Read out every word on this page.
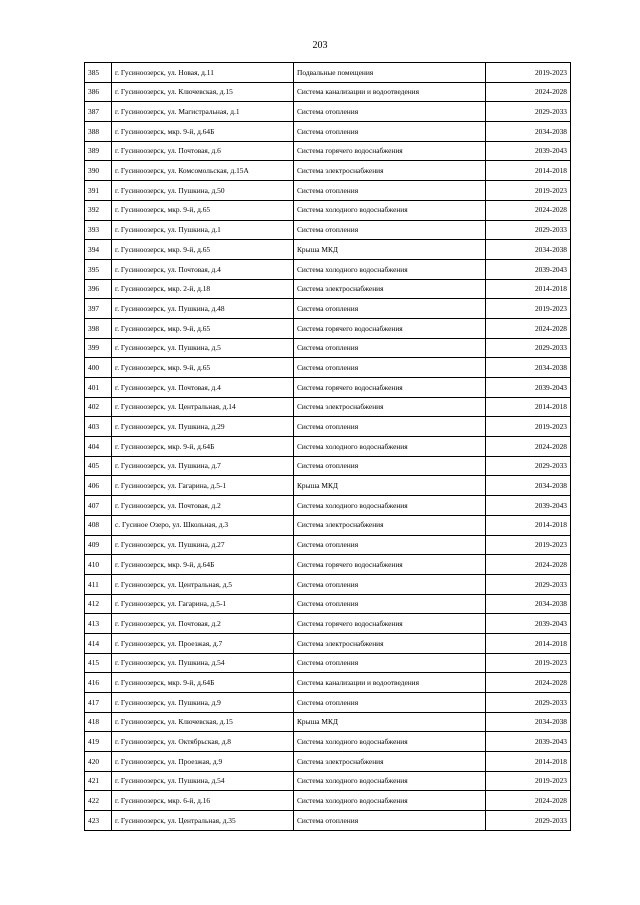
203
385	г. Гусиноозерск, ул. Новая, д.11	Подвальные помещения	2019-2023
386	г. Гусиноозерск, ул. Ключевская, д.15	Система канализации и водоотведения	2024-2028
387	г. Гусиноозерск, ул. Магистральная, д.1	Система отопления	2029-2033
388	г. Гусиноозерск, мкр. 9-й, д.64Б	Система отопления	2034-2038
389	г. Гусиноозерск, ул. Почтовая, д.6	Система горячего водоснабжения	2039-2043
390	г. Гусиноозерск, ул. Комсомольская, д.15А	Система электроснабжения	2014-2018
391	г. Гусиноозерск, ул. Пушкина, д.50	Система отопления	2019-2023
392	г. Гусиноозерск, мкр. 9-й, д.65	Система холодного водоснабжения	2024-2028
393	г. Гусиноозерск, ул. Пушкина, д.1	Система отопления	2029-2033
394	г. Гусиноозерск, мкр. 9-й, д.65	Крыша МКД	2034-2038
395	г. Гусиноозерск, ул. Почтовая, д.4	Система холодного водоснабжения	2039-2043
396	г. Гусиноозерск, мкр. 2-й, д.18	Система электроснабжения	2014-2018
397	г. Гусиноозерск, ул. Пушкина, д.48	Система отопления	2019-2023
398	г. Гусиноозерск, мкр. 9-й, д.65	Система горячего водоснабжения	2024-2028
399	г. Гусиноозерск, ул. Пушкина, д.5	Система отопления	2029-2033
400	г. Гусиноозерск, мкр. 9-й, д.65	Система отопления	2034-2038
401	г. Гусиноозерск, ул. Почтовая, д.4	Система горячего водоснабжения	2039-2043
402	г. Гусиноозерск, ул. Центральная, д.14	Система электроснабжения	2014-2018
403	г. Гусиноозерск, ул. Пушкина, д.29	Система отопления	2019-2023
404	г. Гусиноозерск, мкр. 9-й, д.64Б	Система холодного водоснабжения	2024-2028
405	г. Гусиноозерск, ул. Пушкина, д.7	Система отопления	2029-2033
406	г. Гусиноозерск, ул. Гагарина, д.5-1	Крыша МКД	2034-2038
407	г. Гусиноозерск, ул. Почтовая, д.2	Система холодного водоснабжения	2039-2043
408	с. Гусиное Озеро, ул. Школьная, д.3	Система электроснабжения	2014-2018
409	г. Гусиноозерск, ул. Пушкина, д.27	Система отопления	2019-2023
410	г. Гусиноозерск, мкр. 9-й, д.64Б	Система горячего водоснабжения	2024-2028
411	г. Гусиноозерск, ул. Центральная, д.5	Система отопления	2029-2033
412	г. Гусиноозерск, ул. Гагарина, д.5-1	Система отопления	2034-2038
413	г. Гусиноозерск, ул. Почтовая, д.2	Система горячего водоснабжения	2039-2043
414	г. Гусиноозерск, ул. Проезжая, д.7	Система электроснабжения	2014-2018
415	г. Гусиноозерск, ул. Пушкина, д.54	Система отопления	2019-2023
416	г. Гусиноозерск, мкр. 9-й, д.64Б	Система канализации и водоотведения	2024-2028
417	г. Гусиноозерск, ул. Пушкина, д.9	Система отопления	2029-2033
418	г. Гусиноозерск, ул. Ключевская, д.15	Крыша МКД	2034-2038
419	г. Гусиноозерск, ул. Октябрьская, д.8	Система холодного водоснабжения	2039-2043
420	г. Гусиноозерск, ул. Проезжая, д.9	Система электроснабжения	2014-2018
421	г. Гусиноозерск, ул. Пушкина, д.54	Система холодного водоснабжения	2019-2023
422	г. Гусиноозерск, мкр. 6-й, д.16	Система холодного водоснабжения	2024-2028
423	г. Гусиноозерск, ул. Центральная, д.35	Система отопления	2029-2033
